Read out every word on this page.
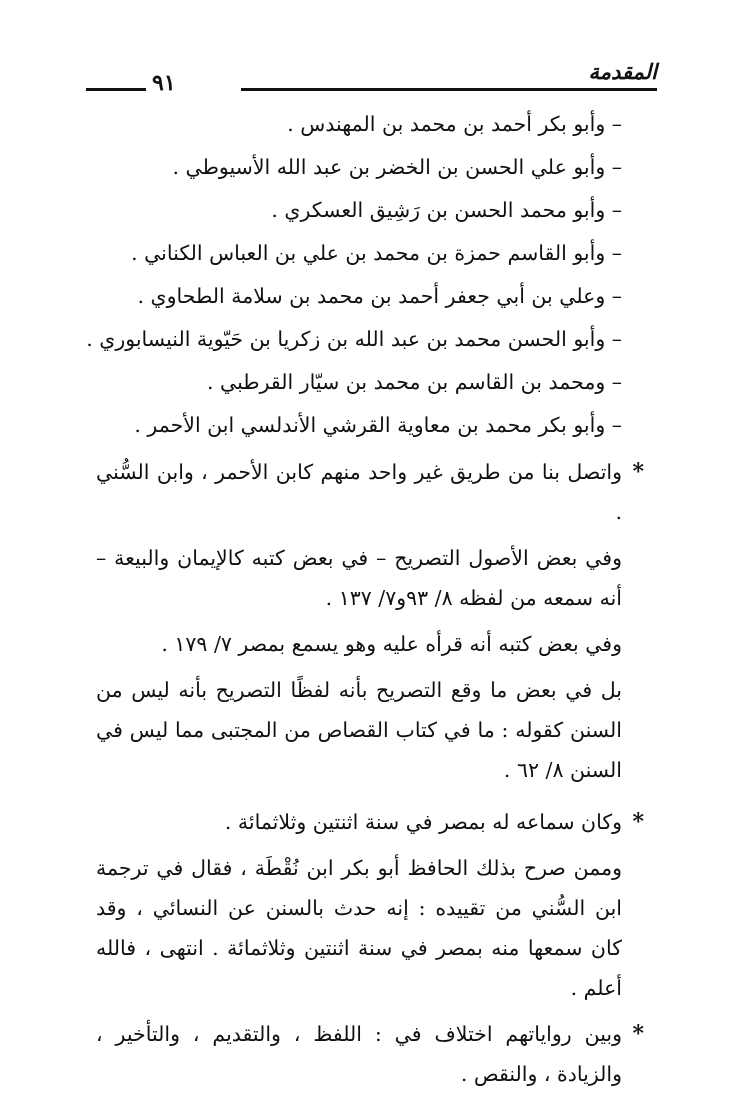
المقدمة
٩١
– وأبو بكر أحمد بن محمد بن المهندس .
– وأبو علي الحسن بن الخضر بن عبد الله الأسيوطي .
– وأبو محمد الحسن بن رَشِيق العسكري .
– وأبو القاسم حمزة بن محمد بن علي بن العباس الكناني .
– وعلي بن أبي جعفر أحمد بن محمد بن سلامة الطحاوي .
– وأبو الحسن محمد بن عبد الله بن زكريا بن حَيّوية النيسابوري .
– ومحمد بن القاسم بن محمد بن سيّار القرطبي .
– وأبو بكر محمد بن معاوية القرشي الأندلسي ابن الأحمر .
*
واتصل بنا من طريق غير واحد منهم كابن الأحمر ، وابن السُّني .
وفي بعض الأصول التصريح – في بعض كتبه كالإيمان والبيعة – أنه سمعه من لفظه ٨/ ٩٣و٧/ ١٣٧ .
وفي بعض كتبه أنه قرأه عليه وهو يسمع بمصر ٧/ ١٧٩ .
بل في بعض ما وقع التصريح بأنه لفظًا التصريح بأنه ليس من السنن كقوله : ما في كتاب القصاص من المجتبى مما ليس في السنن ٨/ ٦٢ .
*
وكان سماعه له بمصر في سنة اثنتين وثلاثمائة .
وممن صرح بذلك الحافظ أبو بكر ابن نُقْطَة ، فقال في ترجمة ابن السُّني من تقييده : إنه حدث بالسنن عن النسائي ، وقد كان سمعها منه بمصر في سنة اثنتين وثلاثمائة . انتهى ، فالله أعلم .
*
وبين رواياتهم اختلاف في : اللفظ ، والتقديم ، والتأخير ، والزيادة ، والنقص .
